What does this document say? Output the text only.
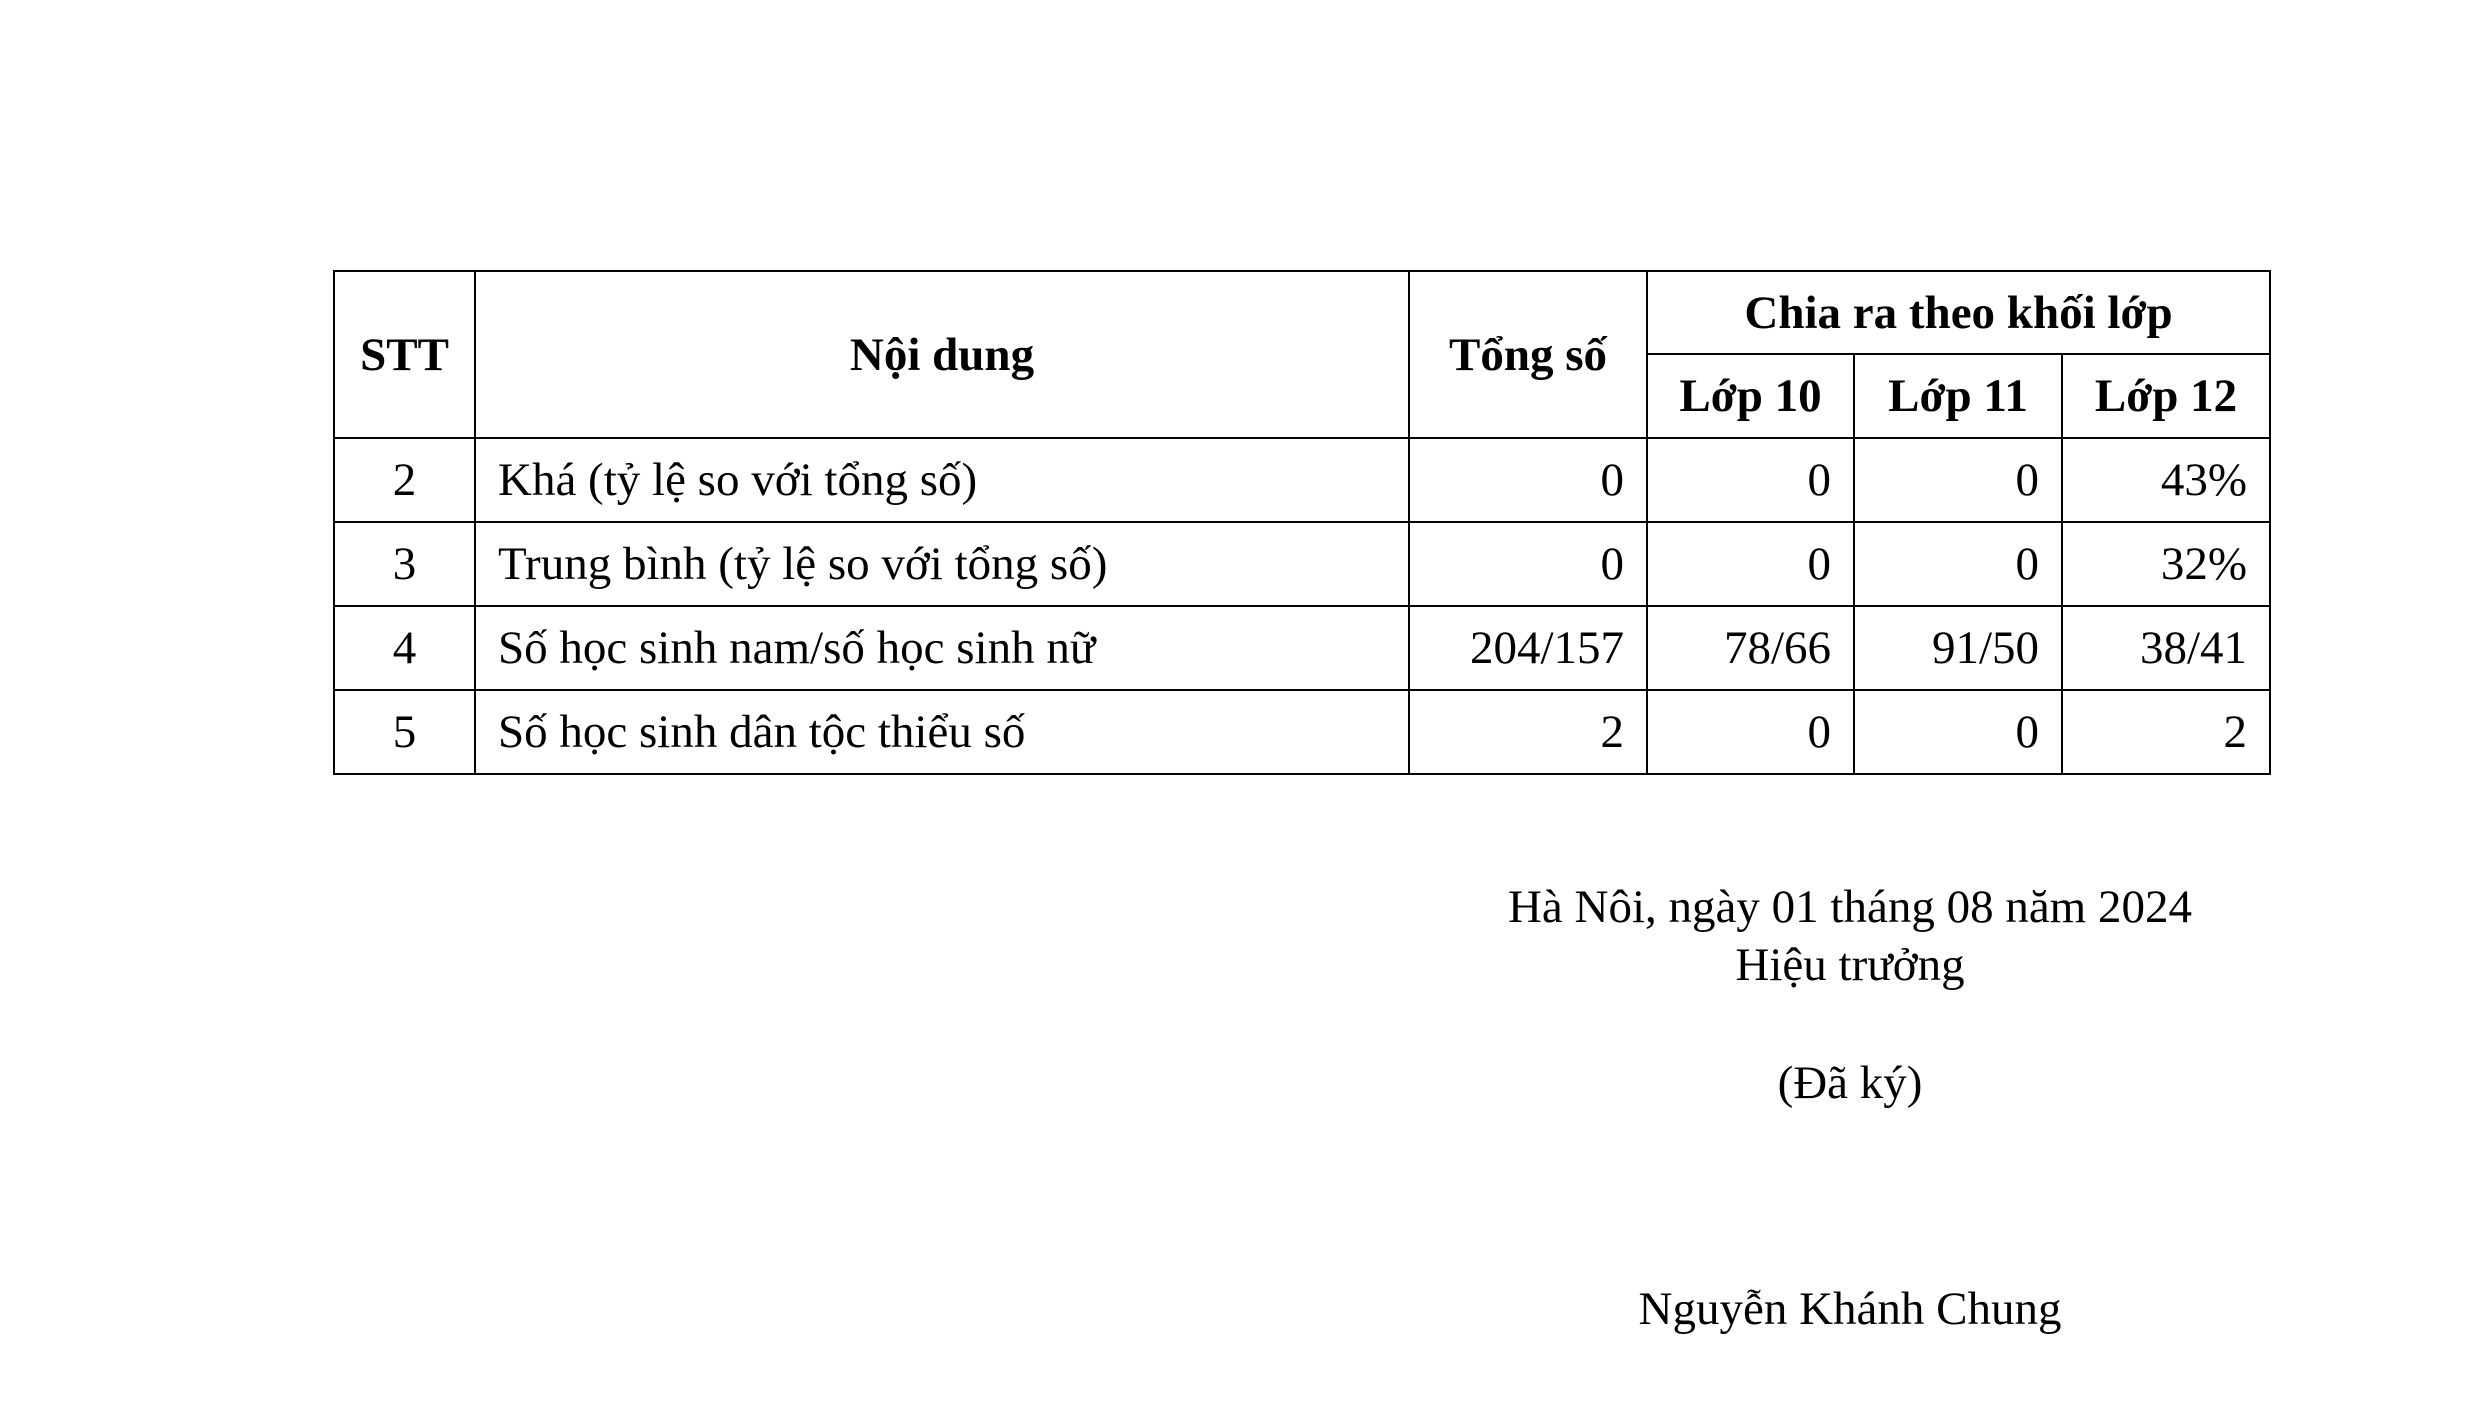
STT	Nội dung	Tổng số	Chia ra theo khối lớp		
			Lớp 10	Lớp 11	Lớp 12
2	Khá (tỷ lệ so với tổng số)	0	0	0	43%
3	Trung bình (tỷ lệ so với tổng số)	0	0	0	32%
4	Số học sinh nam/số học sinh nữ	204/157	78/66	91/50	38/41
5	Số học sinh dân tộc thiểu số	2	0	0	2
Hà Nôi, ngày 01 tháng 08 năm 2024
Hiệu trưởng
(Đã ký)
Nguyễn Khánh Chung
